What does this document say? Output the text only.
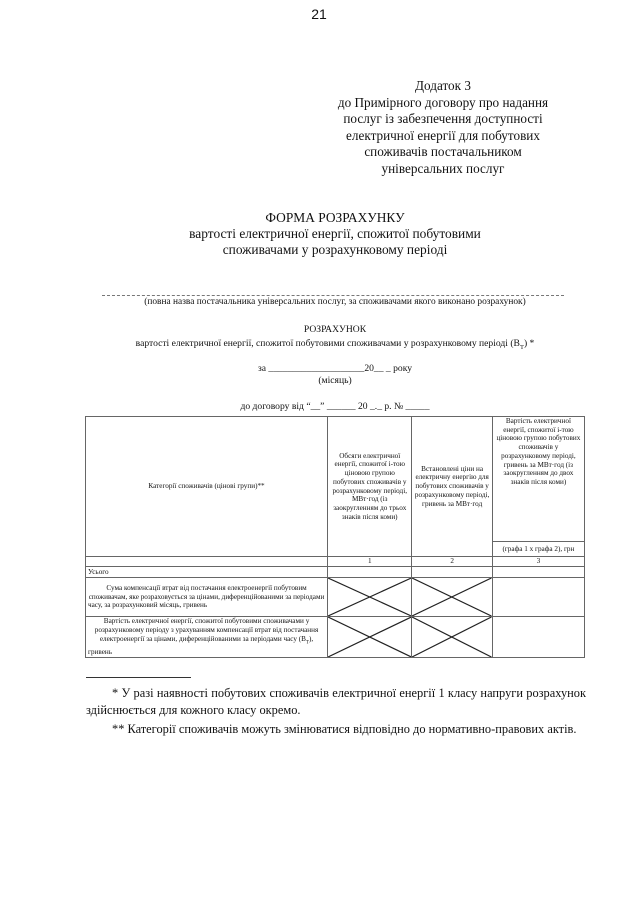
21
Додаток 3
до Примірного договору про надання
послуг із забезпечення доступності
електричної енергії для побутових
споживачів постачальником
універсальних послуг
ФОРМА РОЗРАХУНКУ
вартості електричної енергії, спожитої побутовими
споживачами у розрахунковому періоді
(повна назва постачальника універсальних послуг, за споживачами якого виконано розрахунок)
РОЗРАХУНОК
вартості електричної енергії, спожитої побутовими споживачами у розрахунковому періоді $(В_Т)$ *
за ____________________20__ _ року
(місяць)
до договору від “__” ______ 20 _._ р. № _____
Категорії споживачів (цінові групи)**	Обсяги електричної енергії, спожитої і-тою ціновою групою побутових споживачів у розрахунковому періоді, МВт·год (із заокругленням до трьох знаків після коми)	Встановлені ціни на електричну енергію для побутових споживачів у розрахунковому періоді, гривень за МВт·год	Вартість електричної енергії, спожитої і-тою ціновою групою побутових споживачів у розрахунковому періоді, гривень за МВт·год (із заокругленням до двох знаків після коми)
			(графа 1 х графа 2), грн
	1	2	3
Усього			
Сума компенсації втрат від постачання електроенергії побутовим споживачам, яке розраховується за цінами, диференційованими за періодами часу, за розрахунковий місяць, гривень	

Вартість електричної енергії, спожитої побутовими споживачами у розрахунковому періоду з урахуванням компенсації втрат від постачання електроенергії за цінами, диференційованими за періодами часу $(В_Т)$, гривень	

* У разі наявності побутових споживачів електричної енергії 1 класу напруги розрахунок здійснюється для кожного класу окремо.
** Категорії споживачів можуть змінюватися відповідно до нормативно-правових актів.
